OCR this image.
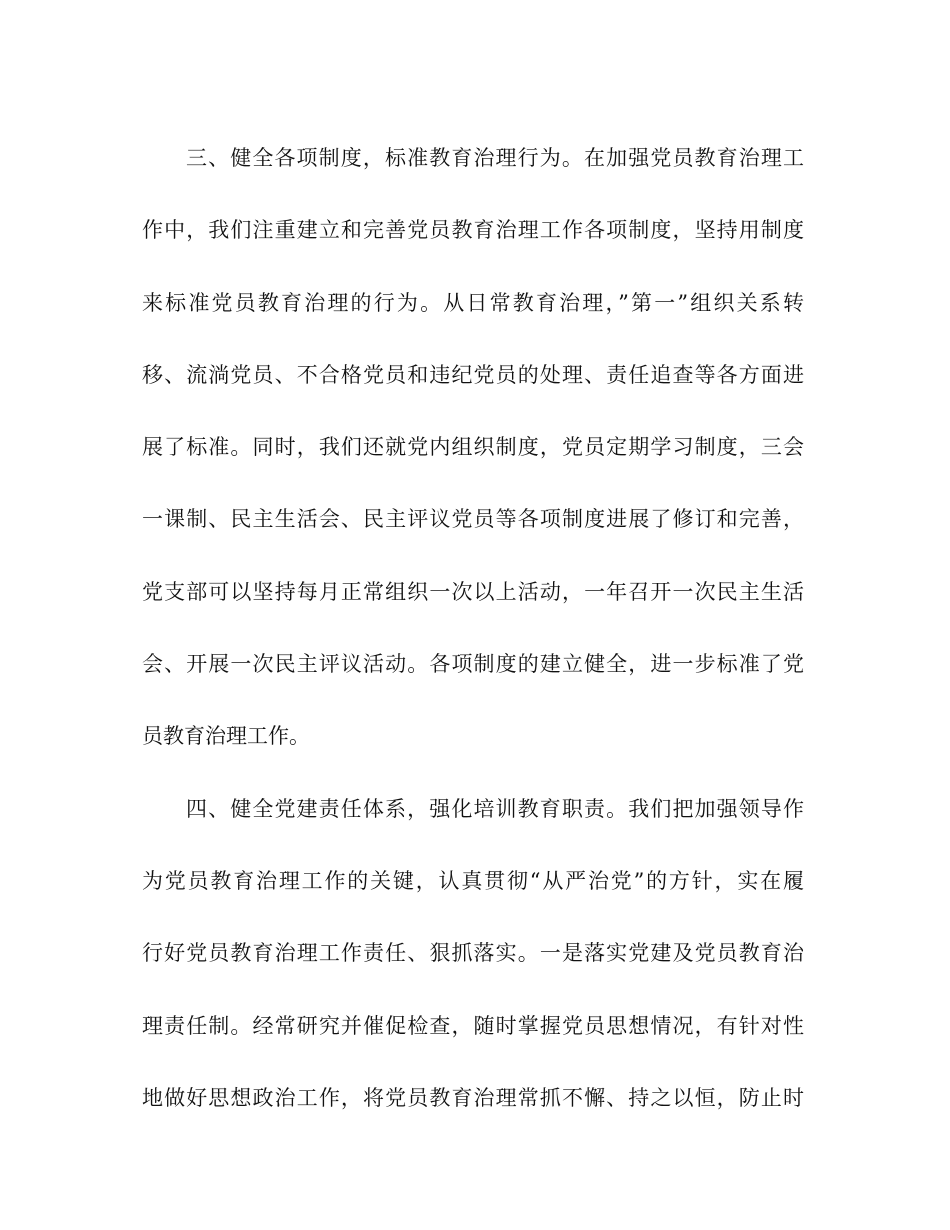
三、健全各项制度，标准教育治理行为。在加强党员教育治理工
作中，我们注重建立和完善党员教育治理工作各项制度，坚持用制度
来标准党员教育治理的行为。从日常教育治理，”第一”组织关系转
移、流淌党员、不合格党员和违纪党员的处理、责任追查等各方面进
展了标准。同时，我们还就党内组织制度，党员定期学习制度，三会
一课制、民主生活会、民主评议党员等各项制度进展了修订和完善，
党支部可以坚持每月正常组织一次以上活动，一年召开一次民主生活
会、开展一次民主评议活动。各项制度的建立健全，进一步标准了党
员教育治理工作。

四、健全党建责任体系，强化培训教育职责。我们把加强领导作
为党员教育治理工作的关键，认真贯彻“从严治党”的方针，实在履
行好党员教育治理工作责任、狠抓落实。一是落实党建及党员教育治
理责任制。经常研究并催促检查，随时掌握党员思想情况，有针对性
地做好思想政治工作，将党员教育治理常抓不懈、持之以恒，防止时
